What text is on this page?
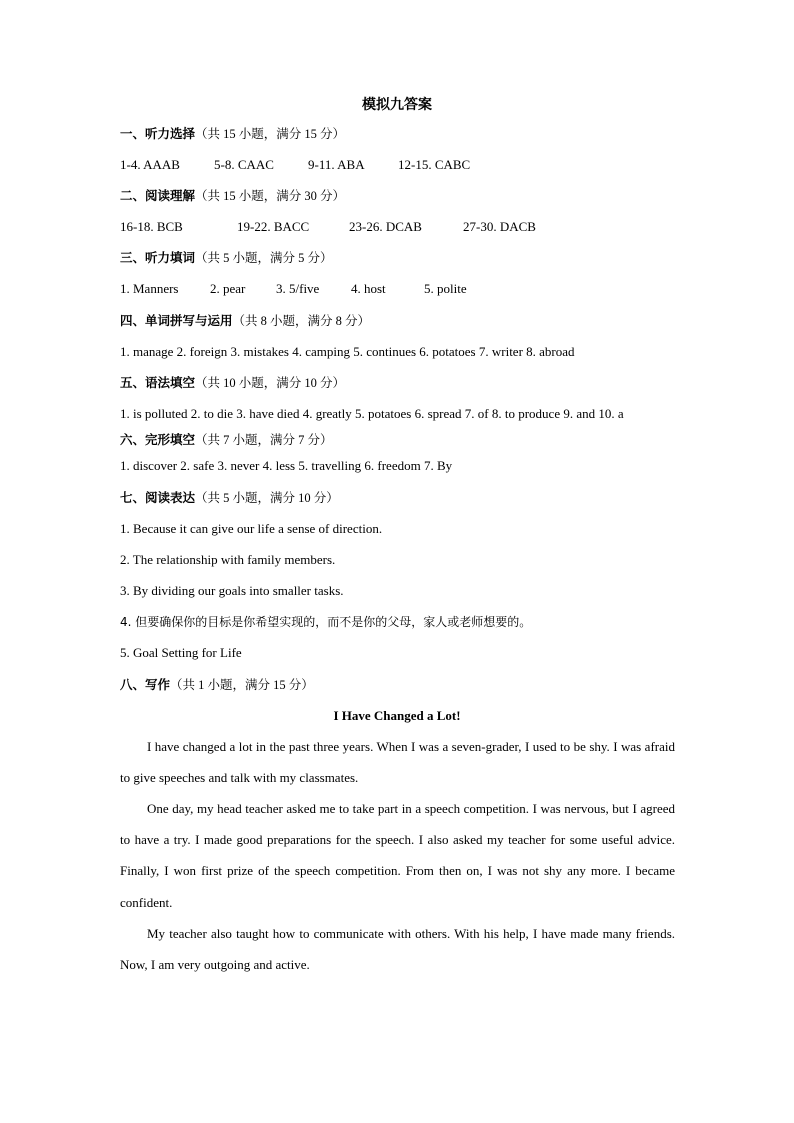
模拟九答案
一、听力选择（共 15 小题，满分 15 分）
1-4. AAAB	5-8. CAAC	9-11. ABA	12-15. CABC
二、阅读理解（共 15 小题，满分 30 分）
16-18. BCB	19-22. BACC	23-26. DCAB	27-30. DACB
三、听力填词（共 5 小题，满分 5 分）
1. Manners 2. pear 3. 5/five 4. host	5. polite
四、单词拼写与运用（共 8 小题，满分 8 分）
1. manage 2. foreign 3. mistakes 4. camping 5. continues 6. potatoes 7. writer 8. abroad
五、语法填空（共 10 小题，满分 10 分）
1. is polluted 2. to die 3. have died 4. greatly 5. potatoes 6. spread 7. of 8. to produce 9. and 10. a
六、完形填空（共 7 小题，满分 7 分）
1. discover 2. safe 3. never 4. less 5. travelling 6. freedom 7. By
七、阅读表达（共 5 小题，满分 10 分）
1. Because it can give our life a sense of direction.
2. The relationship with family members.
3. By dividing our goals into smaller tasks.
4. 但要确保你的目标是你希望实现的，而不是你的父母，家人或老师想要的。
5. Goal Setting for Life
八、写作（共 1 小题，满分 15 分）
I Have Changed a Lot!
I have changed a lot in the past three years. When I was a seven-grader, I used to be shy. I was afraid to give speeches and talk with my classmates.
One day, my head teacher asked me to take part in a speech competition. I was nervous, but I agreed to have a try. I made good preparations for the speech. I also asked my teacher for some useful advice. Finally, I won first prize of the speech competition. From then on, I was not shy any more. I became confident.
My teacher also taught how to communicate with others. With his help, I have made many friends. Now, I am very outgoing and active.
